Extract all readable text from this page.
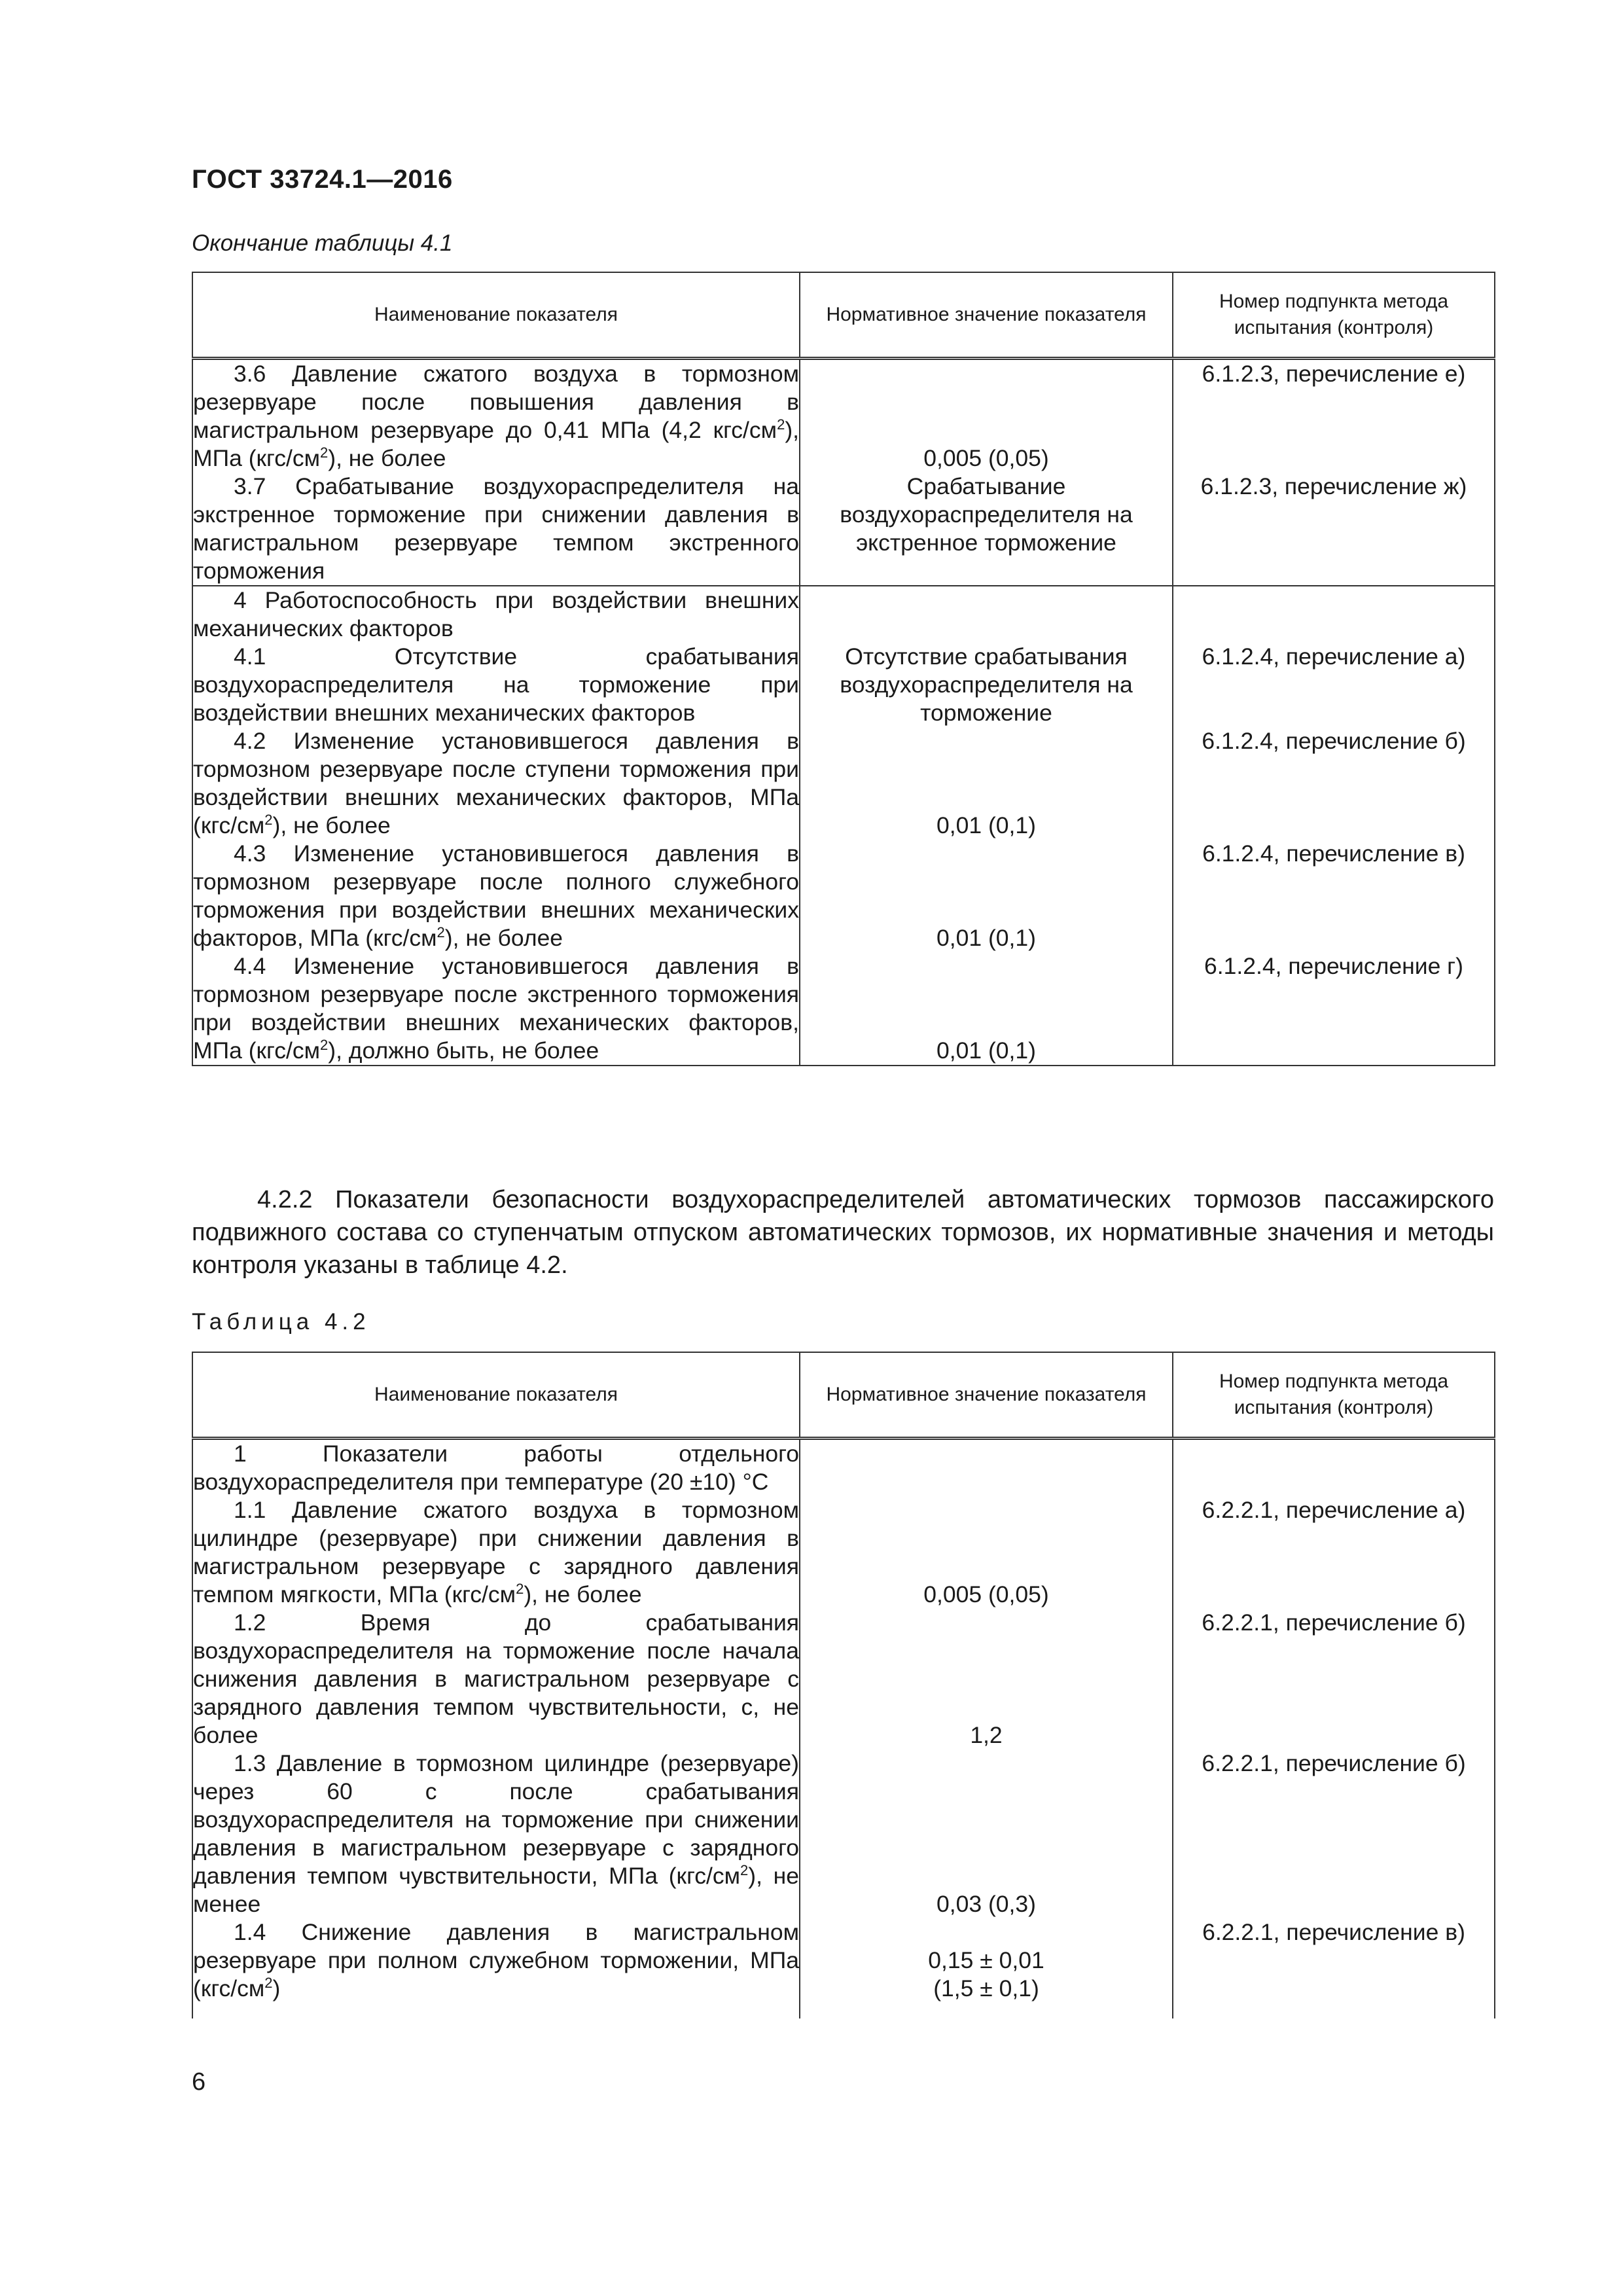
ГОСТ 33724.1—2016
Окончание таблицы 4.1
Наименование показателя	Нормативное значение показателя	Номер подпункта метода испытания (контроля)

3.6 Давление сжатого воздуха в тормозном резервуаре после повышения давления в магистральном резервуаре до 0,41 МПа (4,2 кгс/$см^2$), МПа $(кгс/см^2)$, не более	0,005 (0,05)	6.1.2.3, перечисление е)

3.7 Срабатывание воздухораспределителя на экстренное торможение при снижении давления в магистральном резервуаре темпом экстренного торможения	Срабатывание воздухораспределителя на экстренное торможение	6.1.2.3, перечисление ж)

4 Работоспособность при воздействии внешних механических факторов		

4.1 Отсутствие срабатывания воздухораспределителя на торможение при воздействии внешних механических факторов	Отсутствие срабатывания воздухораспределителя на торможение	6.1.2.4, перечисление а)

4.2 Изменение установившегося давления в тормозном резервуаре после ступени торможения при воздействии внешних механических факторов, МПа $(кгс/см^2)$, не более	0,01 (0,1)	6.1.2.4, перечисление б)

4.3 Изменение установившегося давления в тормозном резервуаре после полного служебного торможения при воздействии внешних механических факторов, МПа $(кгс/см^2)$, не более	0,01 (0,1)	6.1.2.4, перечисление в)

4.4 Изменение установившегося давления в тормозном резервуаре после экстренного торможения при воздействии внешних механических факторов, МПа $(кгс/см^2)$, должно быть, не более	0,01 (0,1)	6.1.2.4, перечисление г)

4.2.2 Показатели безопасности воздухораспределителей автоматических тормозов пассажирского подвижного состава со ступенчатым отпуском автоматических тормозов, их нормативные значения и методы контроля указаны в таблице 4.2.

Таблица 4.2
Наименование показателя	Нормативное значение показателя	Номер подпункта метода испытания (контроля)

1 Показатели работы отдельного воздухораспределителя при температуре (20 ±10) °С		

1.1 Давление сжатого воздуха в тормозном цилиндре (резервуаре) при снижении давления в магистральном резервуаре с зарядного давления темпом мягкости, МПа $(кгс/см^2)$, не более	0,005 (0,05)	6.2.2.1, перечисление а)

1.2 Время до срабатывания воздухораспределителя на торможение после начала снижения давления в магистральном резервуаре с зарядного давления темпом чувствительности, с, не более	1,2	6.2.2.1, перечисление б)

1.3 Давление в тормозном цилиндре (резервуаре) через 60 с после срабатывания воздухораспределителя на торможение при снижении давления в магистральном резервуаре с зарядного давления темпом чувствительности, МПа $(кгс/см^2)$, не менее	0,03 (0,3)	6.2.2.1, перечисление б)

1.4 Снижение давления в магистральном резервуаре при полном служебном торможении, МПа $(кгс/см^2)$	0,15 ± 0,01
(1,5 ± 0,1)	6.2.2.1, перечисление в)
6
